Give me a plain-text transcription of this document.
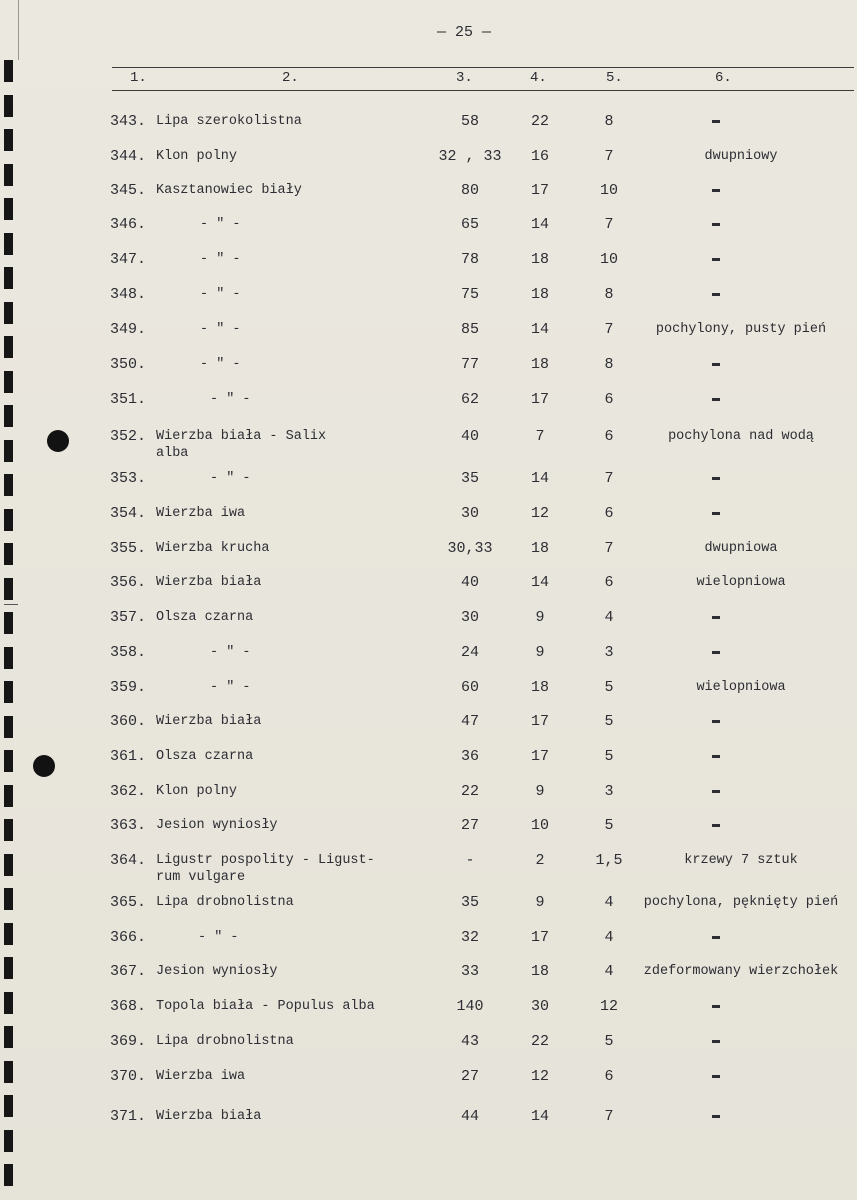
— 25 —
1.	2.	3.	4.	5.	6.
343. Lipa szerokolistna	58	22	8
344. Klon polny	32 , 33	16	7	dwupniowy
345. Kasztanowiec biały	80	17	10
346.	- " -	65	14	7
347.	- " -	78	18	10
348.	- " -	75	18	8
349.	- " -	85	14	7	pochylony, pusty pień
350.	- " -	77	18	8
351.	- " -	62	17	6
352. Wierzba biała - Salix
alba
40	7	6	pochylona nad wodą
353.	- " -	35	14	7
354. Wierzba iwa	30	12	6
355. Wierzba krucha	30,33	18	7	dwupniowa
356. Wierzba biała	40	14	6	wielopniowa
357. Olsza czarna	30	9	4
358.	- " -	24	9	3
359.	- " -	60	18	5	wielopniowa
360. Wierzba biała	47	17	5
361. Olsza czarna	36	17	5
362. Klon polny	22	9	3
363. Jesion wyniosły	27	10	5
364. Ligustr pospolity - Ligust-
rum vulgare
-	2	1,5	krzewy 7 sztuk
365. Lipa drobnolistna	35	9	4	pochylona, pęknięty pień
366.	- " -	32	17	4
367. Jesion wyniosły	33	18	4	zdeformowany wierzchołek
368. Topola biała - Populus alba	140	30	12
369. Lipa drobnolistna	43	22	5
370. Wierzba iwa	27	12	6
371. Wierzba biała	44	14	7
